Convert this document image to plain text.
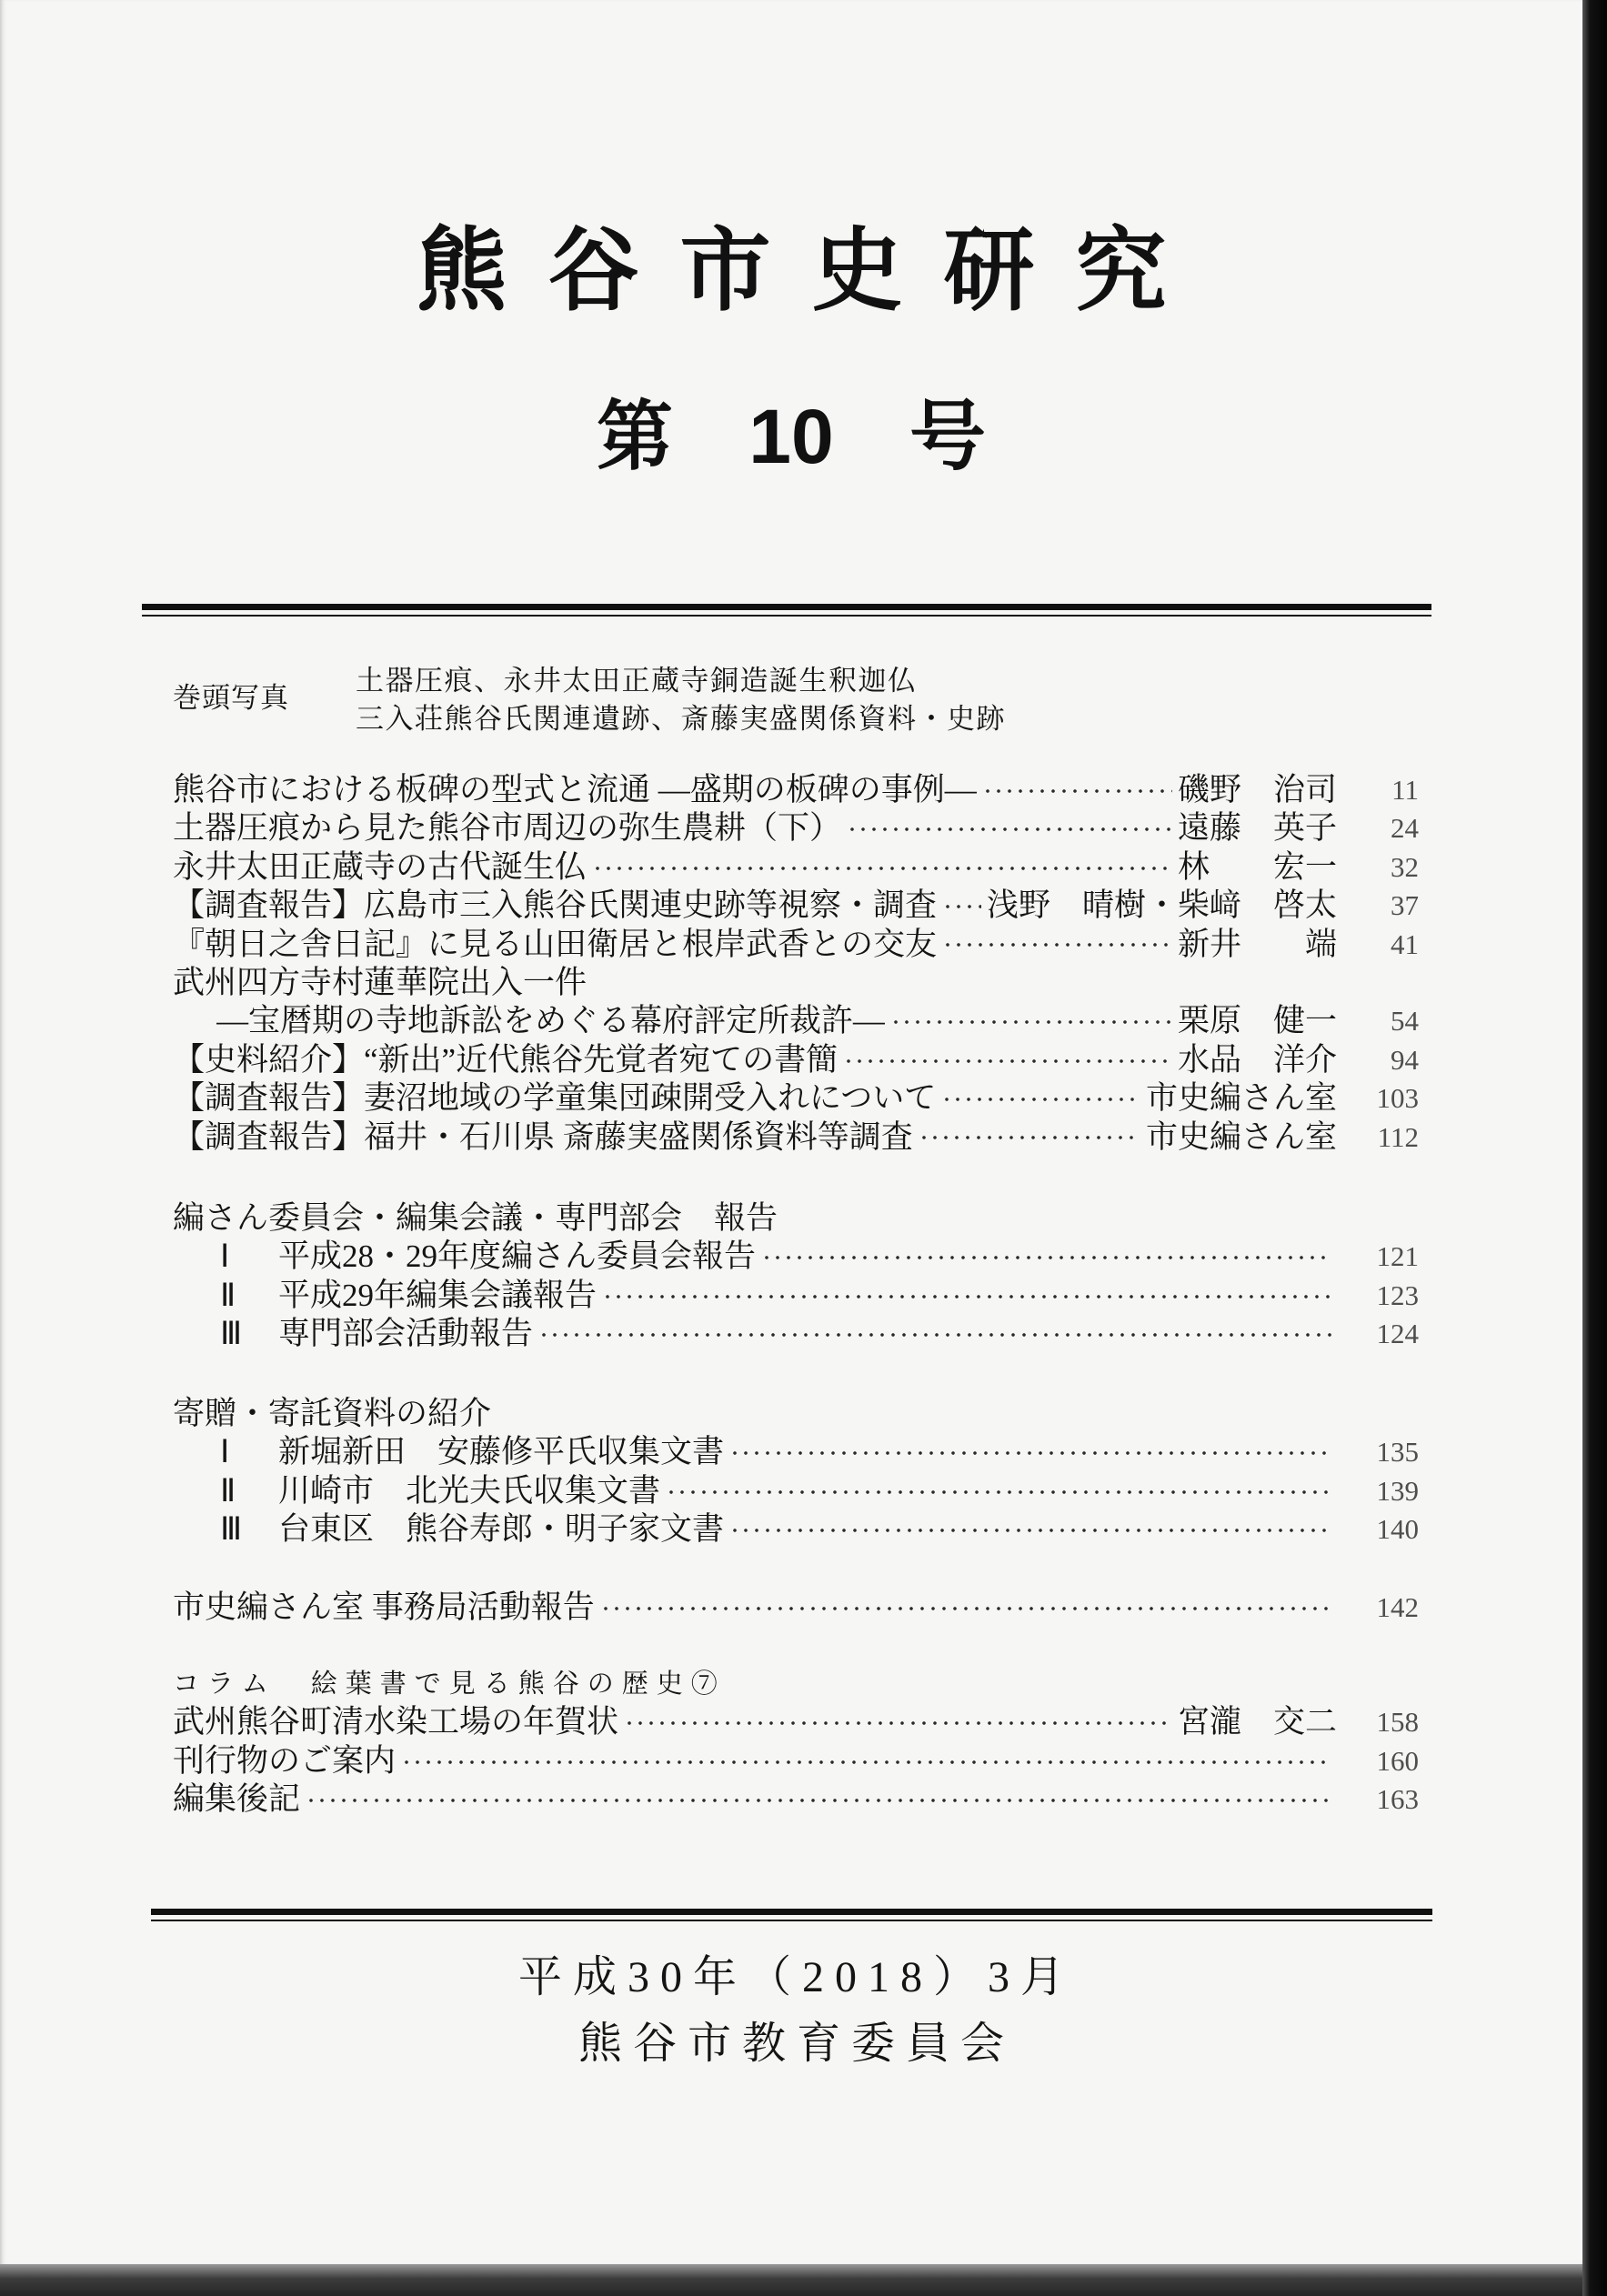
熊谷市史研究
第 10 号
巻頭写真
土器圧痕、永井太田正蔵寺銅造誕生釈迦仏
三入荘熊谷氏関連遺跡、斎藤実盛関係資料・史跡
熊谷市における板碑の型式と流通 ―盛期の板碑の事例―	磯野　治司	11
土器圧痕から見た熊谷市周辺の弥生農耕（下）	遠藤　英子	24
永井太田正蔵寺の古代誕生仏	林　　宏一	32
【調査報告】広島市三入熊谷氏関連史跡等視察・調査 浅野　晴樹・柴﨑　啓太	37
『朝日之舎日記』に見る山田衛居と根岸武香との交友	新井　　端	41
武州四方寺村蓮華院出入一件
―宝暦期の寺地訴訟をめぐる幕府評定所裁許―	栗原　健一	54
【史料紹介】“新出”近代熊谷先覚者宛ての書簡	水品　洋介	94
【調査報告】妻沼地域の学童集団疎開受入れについて	市史編さん室	103
【調査報告】福井・石川県 斎藤実盛関係資料等調査	市史編さん室	112
編さん委員会・編集会議・専門部会　報告
Ⅰ	平成28・29年度編さん委員会報告	121
Ⅱ	平成29年編集会議報告	123
Ⅲ	専門部会活動報告	124
寄贈・寄託資料の紹介
Ⅰ	新堀新田　安藤修平氏収集文書	135
Ⅱ	川崎市　北光夫氏収集文書	139
Ⅲ	台東区　熊谷寿郎・明子家文書	140
市史編さん室 事務局活動報告	142
コラム　絵葉書で見る熊谷の歴史⑦
武州熊谷町清水染工場の年賀状	宮瀧　交二	158
刊行物のご案内	160
編集後記	163
平成30年（2018）3月
熊谷市教育委員会
